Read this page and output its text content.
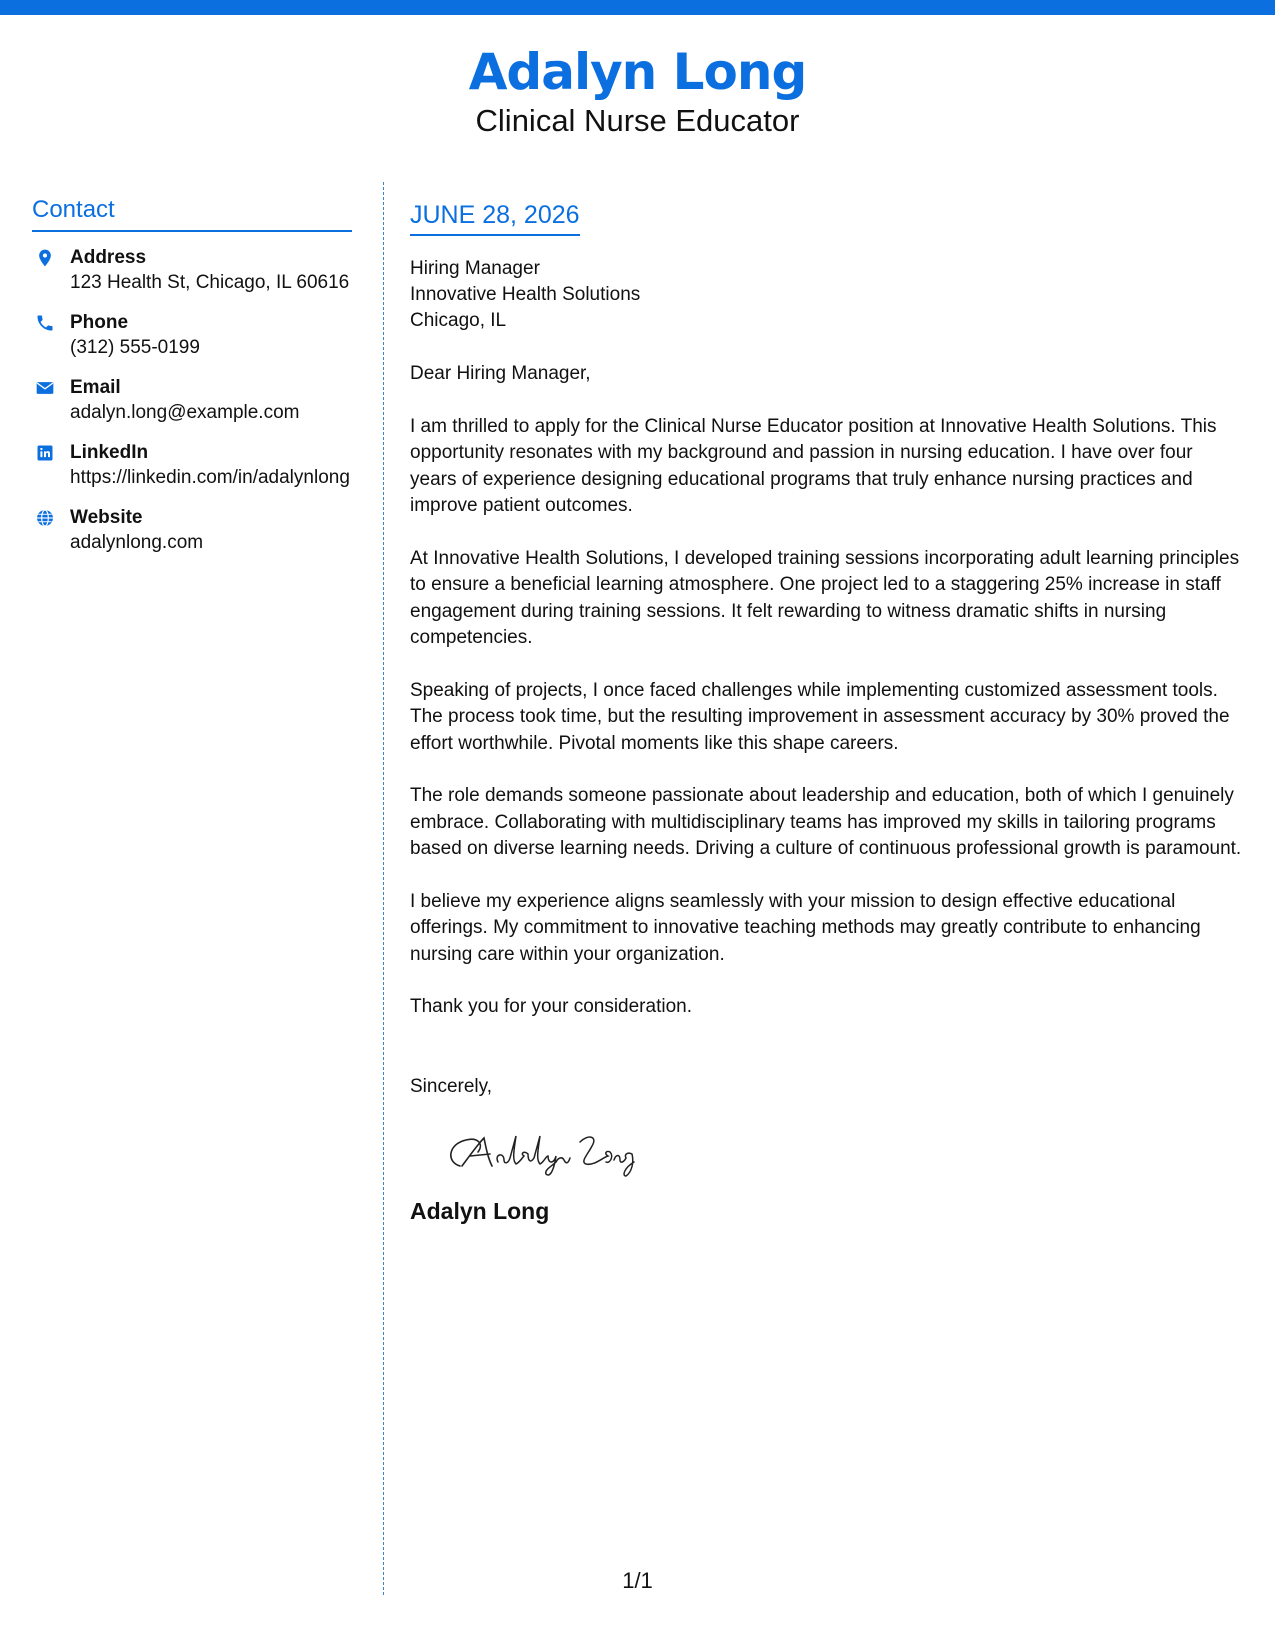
Adalyn Long
Clinical Nurse Educator
Contact
Address
123 Health St, Chicago, IL 60616
Phone
(312) 555-0199
Email
adalyn.long@example.com
LinkedIn
https://linkedin.com/in/adalynlong
Website
adalynlong.com
JUNE 28, 2026
Hiring Manager
Innovative Health Solutions
Chicago, IL
Dear Hiring Manager,

I am thrilled to apply for the Clinical Nurse Educator position at Innovative Health Solutions. This opportunity resonates with my background and passion in nursing education. I have over four years of experience designing educational programs that truly enhance nursing practices and improve patient outcomes.

At Innovative Health Solutions, I developed training sessions incorporating adult learning principles to ensure a beneficial learning atmosphere. One project led to a staggering 25% increase in staff engagement during training sessions. It felt rewarding to witness dramatic shifts in nursing competencies.

Speaking of projects, I once faced challenges while implementing customized assessment tools. The process took time, but the resulting improvement in assessment accuracy by 30% proved the effort worthwhile. Pivotal moments like this shape careers.

The role demands someone passionate about leadership and education, both of which I genuinely embrace. Collaborating with multidisciplinary teams has improved my skills in tailoring programs based on diverse learning needs. Driving a culture of continuous professional growth is paramount.

I believe my experience aligns seamlessly with your mission to design effective educational offerings. My commitment to innovative teaching methods may greatly contribute to enhancing nursing care within your organization.

Thank you for your consideration.

Sincerely,
Adalyn Long
1/1
